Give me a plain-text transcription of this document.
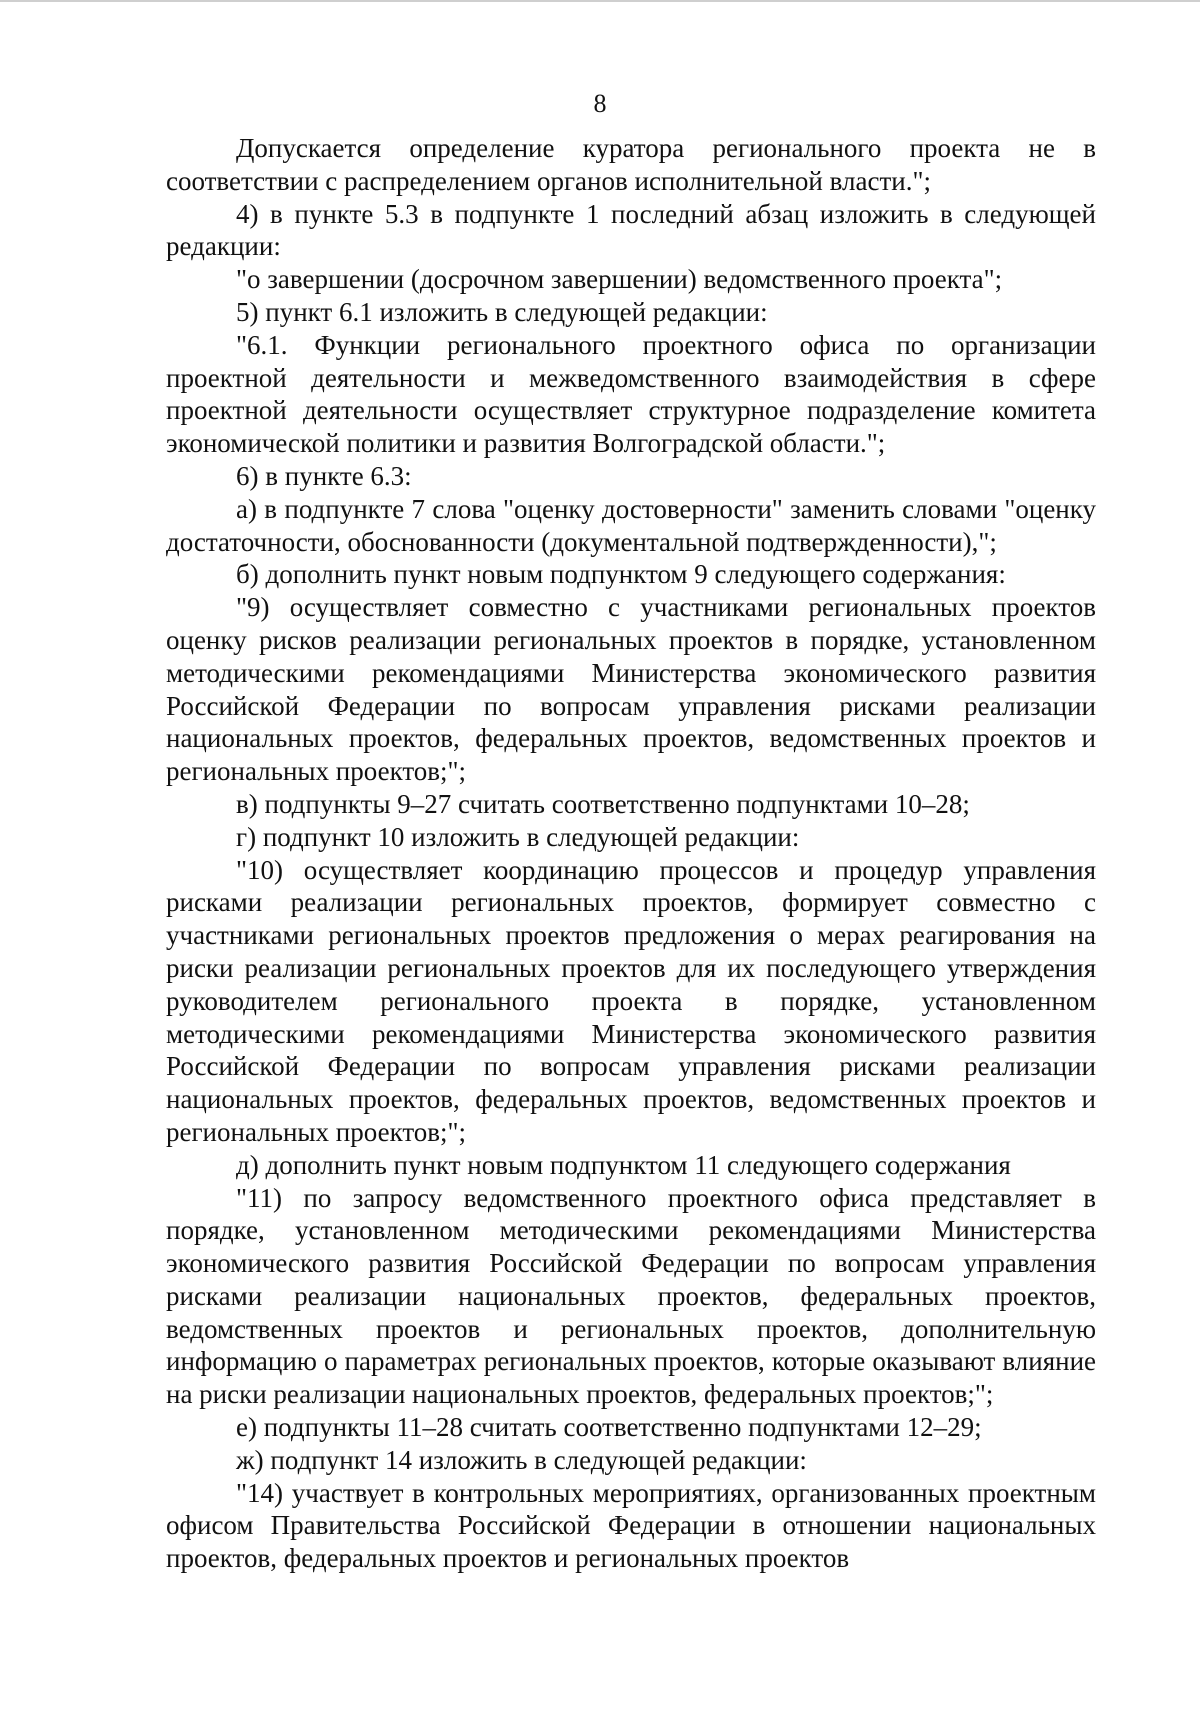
8

Допускается определение куратора регионального проекта не в соответствии с распределением органов исполнительной власти.";

4) в пункте 5.3 в подпункте 1 последний абзац изложить в следующей редакции:

"о завершении (досрочном завершении) ведомственного проекта";

5) пункт 6.1 изложить в следующей редакции:

"6.1. Функции регионального проектного офиса по организации проектной деятельности и межведомственного взаимодействия в сфере проектной деятельности осуществляет структурное подразделение комитета экономической политики и развития Волгоградской области.";

6) в пункте 6.3:

а) в подпункте 7 слова "оценку достоверности" заменить словами "оценку достаточности, обоснованности (документальной подтвержденности),";

б) дополнить пункт новым подпунктом 9 следующего содержания:

"9) осуществляет совместно с участниками региональных проектов оценку рисков реализации региональных проектов в порядке, установленном методическими рекомендациями Министерства экономического развития Российской Федерации по вопросам управления рисками реализации национальных проектов, федеральных проектов, ведомственных проектов и региональных проектов;";

в) подпункты 9–27 считать соответственно подпунктами 10–28;

г) подпункт 10 изложить в следующей редакции:

"10) осуществляет координацию процессов и процедур управления рисками реализации региональных проектов, формирует совместно с участниками региональных проектов предложения о мерах реагирования на риски реализации региональных проектов для их последующего утверждения руководителем регионального проекта в порядке, установленном методическими рекомендациями Министерства экономического развития Российской Федерации по вопросам управления рисками реализации национальных проектов, федеральных проектов, ведомственных проектов и региональных проектов;";

д) дополнить пункт новым подпунктом 11 следующего содержания

"11) по запросу ведомственного проектного офиса представляет в порядке, установленном методическими рекомендациями Министерства экономического развития Российской Федерации по вопросам управления рисками реализации национальных проектов, федеральных проектов, ведомственных проектов и региональных проектов, дополнительную информацию о параметрах региональных проектов, которые оказывают влияние на риски реализации национальных проектов, федеральных проектов;";

е) подпункты 11–28 считать соответственно подпунктами 12–29;

ж) подпункт 14 изложить в следующей редакции:

"14) участвует в контрольных мероприятиях, организованных проектным офисом Правительства Российской Федерации в отношении национальных проектов, федеральных проектов и региональных проектов
